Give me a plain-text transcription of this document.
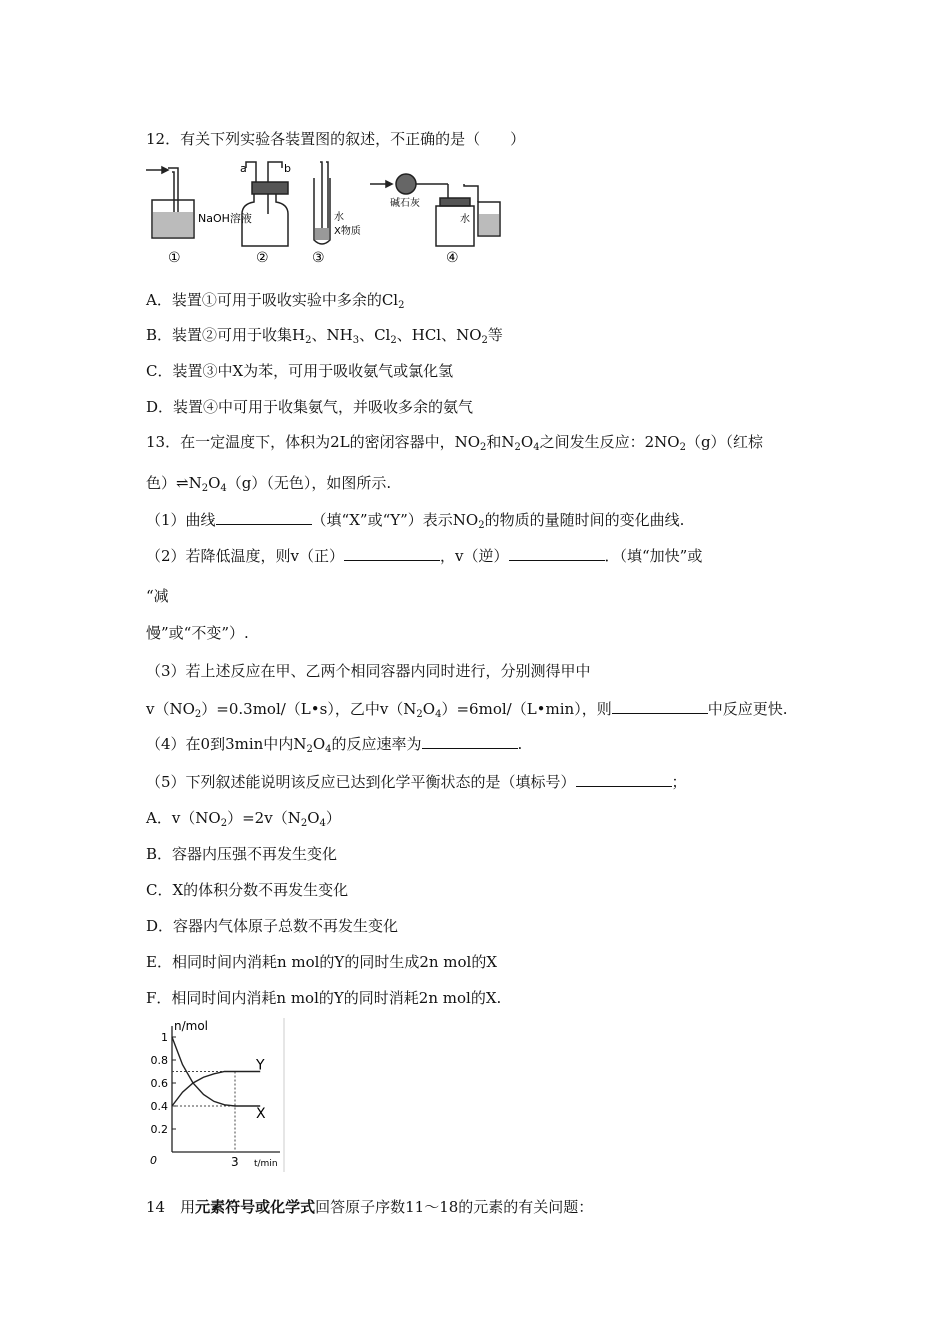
12．有关下列实验各装置图的叙述，不正确的是（　　）
NaOH溶液
①
a	b
②
水
X物质
③
碱石灰
水
④
A．装置①可用于吸收实验中多余的$Cl_2$
B．装置②可用于收集$H_2$、$NH_3$、$Cl_2$、HCl、$NO_2$等
C．装置③中X为苯，可用于吸收氨气或氯化氢
D．装置④中可用于收集氨气，并吸收多余的氨气
13．在一定温度下，体积为2L的密闭容器中，$NO_2$和$N_2O_4$之间发生反应：$2NO_2(g)$（红棕
色）$\rightleftharpoons N_2O_4(g)$（无色），如图所示.
（1）曲线	（填“X”或“Y”）表示$NO_2$的物质的量随时间的变化曲线.
（2）若降低温度，则v（正）	，v（逆）	．（填“加快”或
“减
慢”或“不变”）.
（3）若上述反应在甲、乙两个相同容器内同时进行，分别测得甲中
$v(NO_2)=0.3mol/(L•s)$，乙中$v(N_2O_4)=6mol/(L•\min)$，则	中反应更快.
（4）在0到3min中内$N_2O_4$的反应速率为	.
（5）下列叙述能说明该反应已达到化学平衡状态的是（填标号）	；
A．$v(NO_2)=2v(N_2O_4)$
B．容器内压强不再发生变化
C．X的体积分数不再发生变化
D．容器内气体原子总数不再发生变化
E．相同时间内消耗n mol的Y的同时生成2n mol的X
F．相同时间内消耗n mol的Y的同时消耗2n mol的X.
n/mol
t/min
0
1
0.8
0.6
0.4
0.2
3
Y
X
14　用元素符号或化学式回答原子序数11～18的元素的有关问题：
